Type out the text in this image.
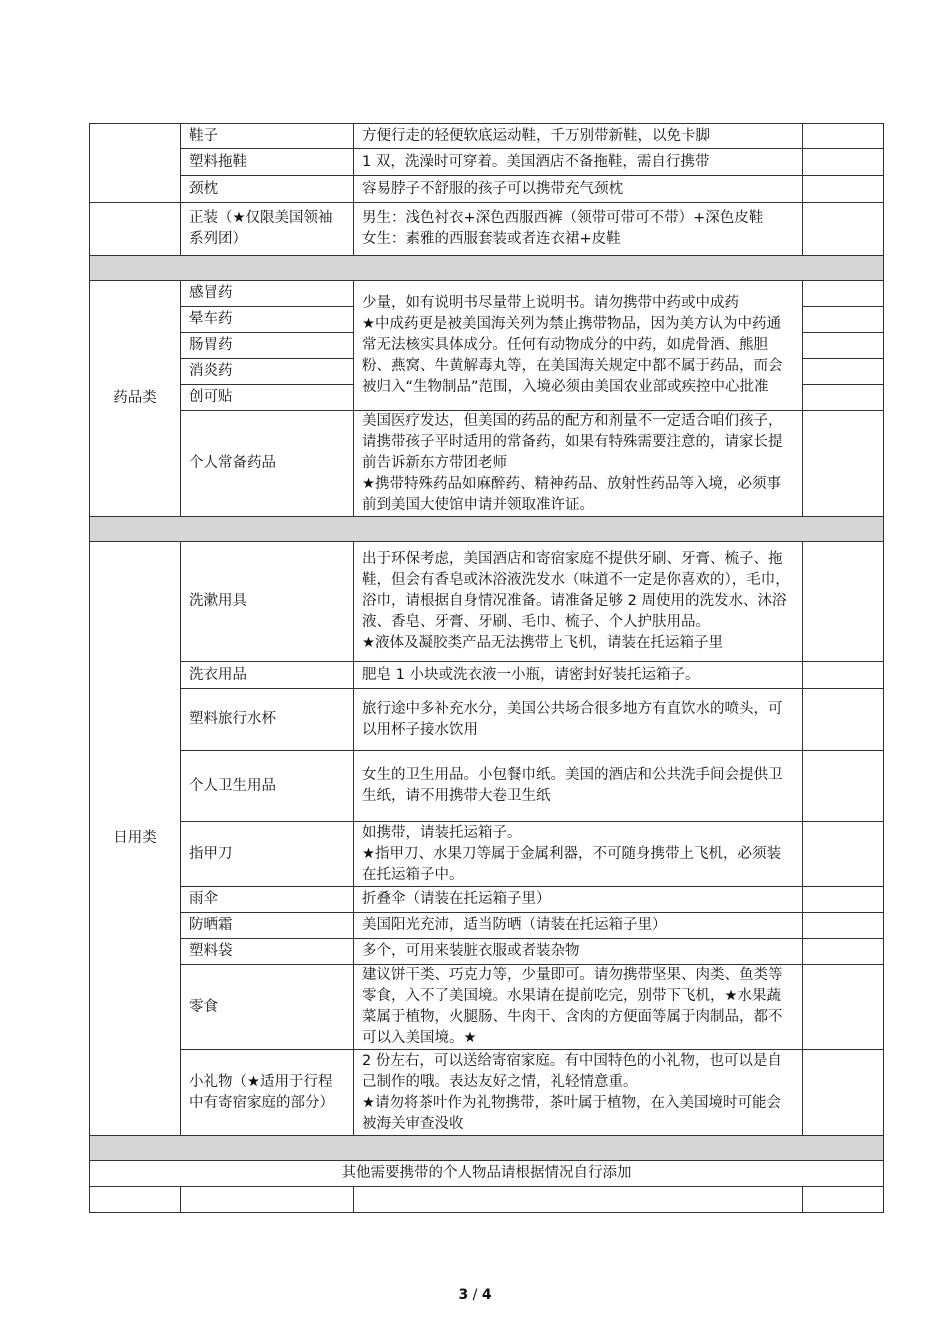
	鞋子	方便行走的轻便软底运动鞋，千万别带新鞋，以免卡脚	
	塑料拖鞋	1 双，洗澡时可穿着。美国酒店不备拖鞋，需自行携带	
	颈枕	容易脖子不舒服的孩子可以携带充气颈枕	
	正装（★仅限美国领袖系列团）	男生：浅色衬衣+深色西服西裤（领带可带可不带）+深色皮鞋
女生：素雅的西服套装或者连衣裙+皮鞋	

药品类	感冒药	少量，如有说明书尽量带上说明书。请勿携带中药或中成药
★中成药更是被美国海关列为禁止携带物品，因为美方认为中药通常无法核实具体成分。任何有动物成分的中药，如虎骨酒、熊胆粉、燕窝、牛黄解毒丸等，在美国海关规定中都不属于药品，而会被归入“生物制品”范围，入境必须由美国农业部或疾控中心批准	

	晕车药		
	肠胃药		
	消炎药		
	创可贴		
	个人常备药品	美国医疗发达，但美国的药品的配方和剂量不一定适合咱们孩子，请携带孩子平时适用的常备药，如果有特殊需要注意的，请家长提前告诉新东方带团老师
★携带特殊药品如麻醉药、精神药品、放射性药品等入境，必须事前到美国大使馆申请并领取准许证。	

日用类	洗漱用具	出于环保考虑，美国酒店和寄宿家庭不提供牙刷、牙膏、梳子、拖鞋，但会有香皂或沐浴液洗发水（味道不一定是你喜欢的），毛巾，浴巾，请根据自身情况准备。请准备足够 2 周使用的洗发水、沐浴液、香皂、牙膏、牙刷、毛巾、梳子、个人护肤用品。
★液体及凝胶类产品无法携带上飞机，请装在托运箱子里	

	洗衣用品	肥皂 1 小块或洗衣液一小瓶，请密封好装托运箱子。	

	塑料旅行水杯	旅行途中多补充水分，美国公共场合很多地方有直饮水的喷头，可以用杯子接水饮用	

	个人卫生用品	女生的卫生用品。小包餐巾纸。美国的酒店和公共洗手间会提供卫生纸，请不用携带大卷卫生纸	

	指甲刀	如携带，请装托运箱子。
★指甲刀、水果刀等属于金属利器，不可随身携带上飞机，必须装在托运箱子中。	

	雨伞	折叠伞（请装在托运箱子里）	

	防晒霜	美国阳光充沛，适当防晒（请装在托运箱子里）	

	塑料袋	多个，可用来装脏衣服或者装杂物	

	零食	建议饼干类、巧克力等，少量即可。请勿携带坚果、肉类、鱼类等零食，入不了美国境。水果请在提前吃完，别带下飞机，★水果蔬菜属于植物，火腿肠、牛肉干、含肉的方便面等属于肉制品，都不可以入美国境。★	

	小礼物（★适用于行程中有寄宿家庭的部分）	2 份左右，可以送给寄宿家庭。有中国特色的小礼物，也可以是自己制作的哦。表达友好之情，礼轻情意重。
★请勿将茶叶作为礼物携带，茶叶属于植物，在入美国境时可能会被海关审查没收	

其他需要携带的个人物品请根据情况自行添加			

3 / 4
